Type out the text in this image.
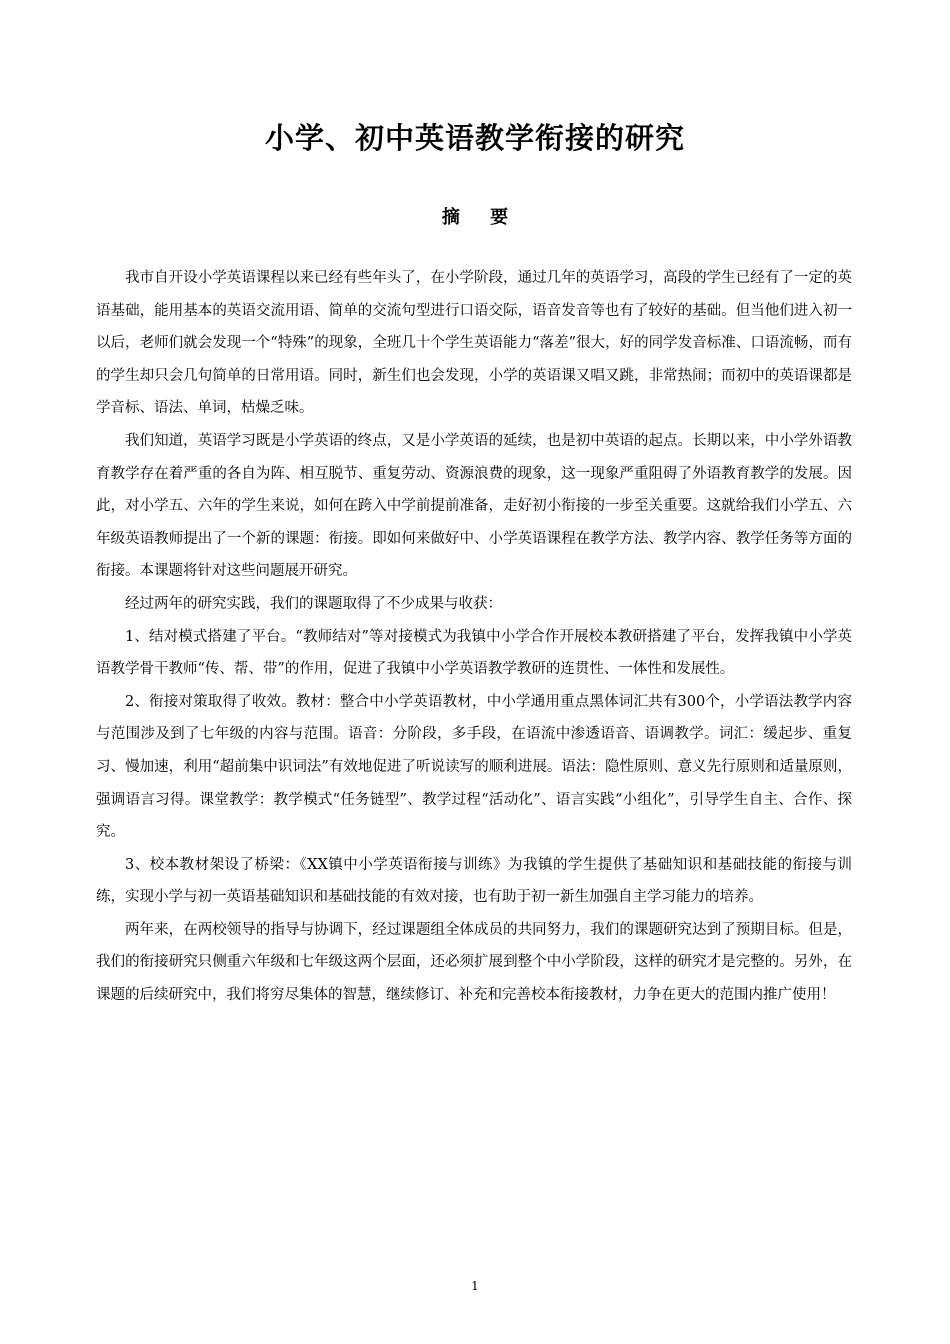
小学、初中英语教学衔接的研究
摘 要

我市自开设小学英语课程以来已经有些年头了，在小学阶段，通过几年的英语学习，高段的学生已经有了一定的英语基础，能用基本的英语交流用语、简单的交流句型进行口语交际，语音发音等也有了较好的基础。但当他们进入初一以后，老师们就会发现一个“特殊”的现象，全班几十个学生英语能力“落差”很大，好的同学发音标准、口语流畅，而有的学生却只会几句简单的日常用语。同时，新生们也会发现，小学的英语课又唱又跳，非常热闹；而初中的英语课都是学音标、语法、单词，枯燥乏味。

我们知道，英语学习既是小学英语的终点，又是小学英语的延续，也是初中英语的起点。长期以来，中小学外语教育教学存在着严重的各自为阵、相互脱节、重复劳动、资源浪费的现象，这一现象严重阻碍了外语教育教学的发展。因此，对小学五、六年的学生来说，如何在跨入中学前提前准备，走好初小衔接的一步至关重要。这就给我们小学五、六年级英语教师提出了一个新的课题：衔接。即如何来做好中、小学英语课程在教学方法、教学内容、教学任务等方面的衔接。本课题将针对这些问题展开研究。

经过两年的研究实践，我们的课题取得了不少成果与收获：

1、结对模式搭建了平台。“教师结对”等对接模式为我镇中小学合作开展校本教研搭建了平台，发挥我镇中小学英语教学骨干教师“传、帮、带”的作用，促进了我镇中小学英语教学教研的连贯性、一体性和发展性。

2、衔接对策取得了收效。教材：整合中小学英语教材，中小学通用重点黑体词汇共有300个，小学语法教学内容与范围涉及到了七年级的内容与范围。语音：分阶段，多手段，在语流中渗透语音、语调教学。词汇：缓起步、重复习、慢加速，利用“超前集中识词法”有效地促进了听说读写的顺利进展。语法：隐性原则、意义先行原则和适量原则，强调语言习得。课堂教学：教学模式“任务链型”、教学过程“活动化”、语言实践“小组化”，引导学生自主、合作、探究。

3、校本教材架设了桥梁：《XX镇中小学英语衔接与训练》为我镇的学生提供了基础知识和基础技能的衔接与训练，实现小学与初一英语基础知识和基础技能的有效对接，也有助于初一新生加强自主学习能力的培养。

两年来，在两校领导的指导与协调下，经过课题组全体成员的共同努力，我们的课题研究达到了预期目标。但是，我们的衔接研究只侧重六年级和七年级这两个层面，还必须扩展到整个中小学阶段，这样的研究才是完整的。另外，在课题的后续研究中，我们将穷尽集体的智慧，继续修订、补充和完善校本衔接教材，力争在更大的范围内推广使用！

1
